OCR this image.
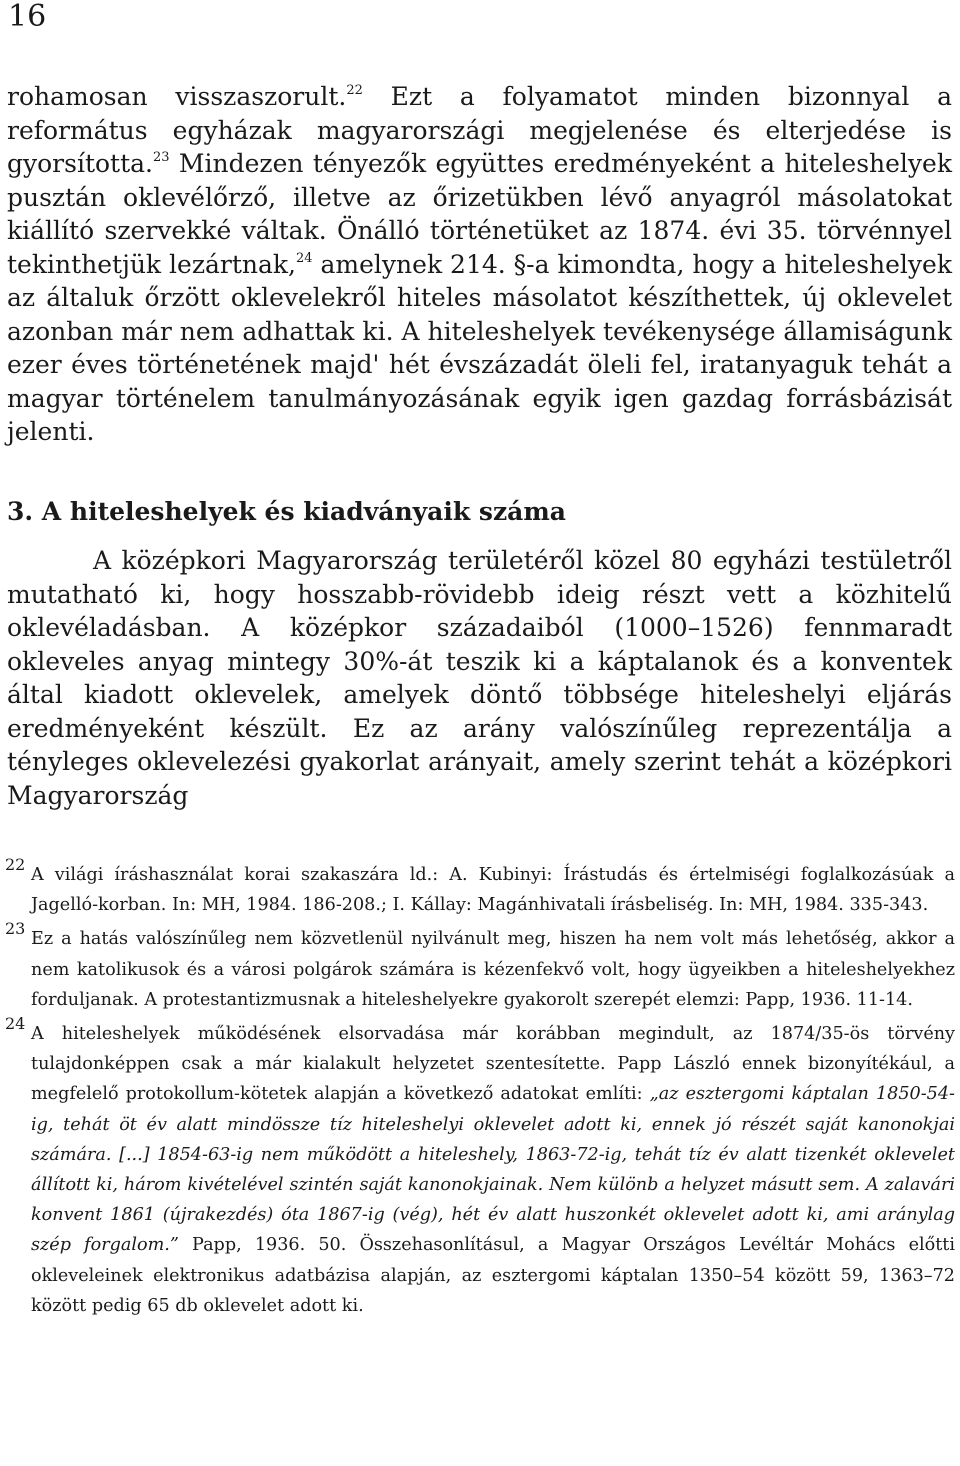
16

rohamosan visszaszorult.$^{22}$ Ezt a folyamatot minden bizonnyal a református egyházak magyarországi megjelenése és elterjedése is gyorsította.$^{23}$ Mindezen tényezők együttes eredményeként a hiteleshelyek pusztán oklevélőrző, illetve az őrizetükben lévő anyagról másolatokat kiállító szervekké váltak. Önálló történetüket az 1874. évi 35. törvénnyel tekinthetjük lezártnak,$^{24}$ amelynek 214. §-a kimondta, hogy a hiteleshelyek az általuk őrzött oklevelekről hiteles másolatot készíthettek, új oklevelet azonban már nem adhattak ki. A hiteleshelyek tevékenysége államiságunk ezer éves történetének majd' hét évszázadát öleli fel, iratanyaguk tehát a magyar történelem tanulmányozásának egyik igen gazdag forrásbázisát jelenti.

3. A hiteleshelyek és kiadványaik száma

A középkori Magyarország területéről közel 80 egyházi testületről mutatható ki, hogy hosszabb-rövidebb ideig részt vett a közhitelű oklevéladásban. A középkor századaiból (1000–1526) fennmaradt okleveles anyag mintegy 30%-át teszik ki a káptalanok és a konventek által kiadott oklevelek, amelyek döntő többsége hiteleshelyi eljárás eredményeként készült. Ez az arány valószínűleg reprezentálja a tényleges oklevelezési gyakorlat arányait, amely szerint tehát a középkori Magyarország

22
A világi íráshasználat korai szakaszára ld.: A. Kubinyi: Írástudás és értelmiségi foglalkozásúak a Jagelló-korban. In: MH, 1984. 186-208.; I. Kállay: Magánhivatali írásbeliség. In: MH, 1984. 335-343.

23
Ez a hatás valószínűleg nem közvetlenül nyilvánult meg, hiszen ha nem volt más lehetőség, akkor a nem katolikusok és a városi polgárok számára is kézenfekvő volt, hogy ügyeikben a hiteleshelyekhez forduljanak. A protestantizmusnak a hiteleshelyekre gyakorolt szerepét elemzi: Papp, 1936. 11-14.

24
A hiteleshelyek működésének elsorvadása már korábban megindult, az 1874/35-ös törvény tulajdonképpen csak a már kialakult helyzetet szentesítette. Papp László ennek bizonyítékául, a megfelelő protokollum-kötetek alapján a következő adatokat említi: „az esztergomi káptalan 1850-54-ig, tehát öt év alatt mindössze tíz hiteleshelyi oklevelet adott ki, ennek jó részét saját kanonokjai számára. [...] 1854-63-ig nem működött a hiteleshely, 1863-72-ig, tehát tíz év alatt tizenkét oklevelet állított ki, három kivételével szintén saját kanonokjainak. Nem különb a helyzet másutt sem. A zalavári konvent 1861 (újrakezdés) óta 1867-ig (vég), hét év alatt huszonkét oklevelet adott ki, ami aránylag szép forgalom.” Papp, 1936. 50. Összehasonlításul, a Magyar Országos Levéltár Mohács előtti okleveleinek elektronikus adatbázisa alapján, az esztergomi káptalan 1350–54 között 59, 1363–72 között pedig 65 db oklevelet adott ki.
